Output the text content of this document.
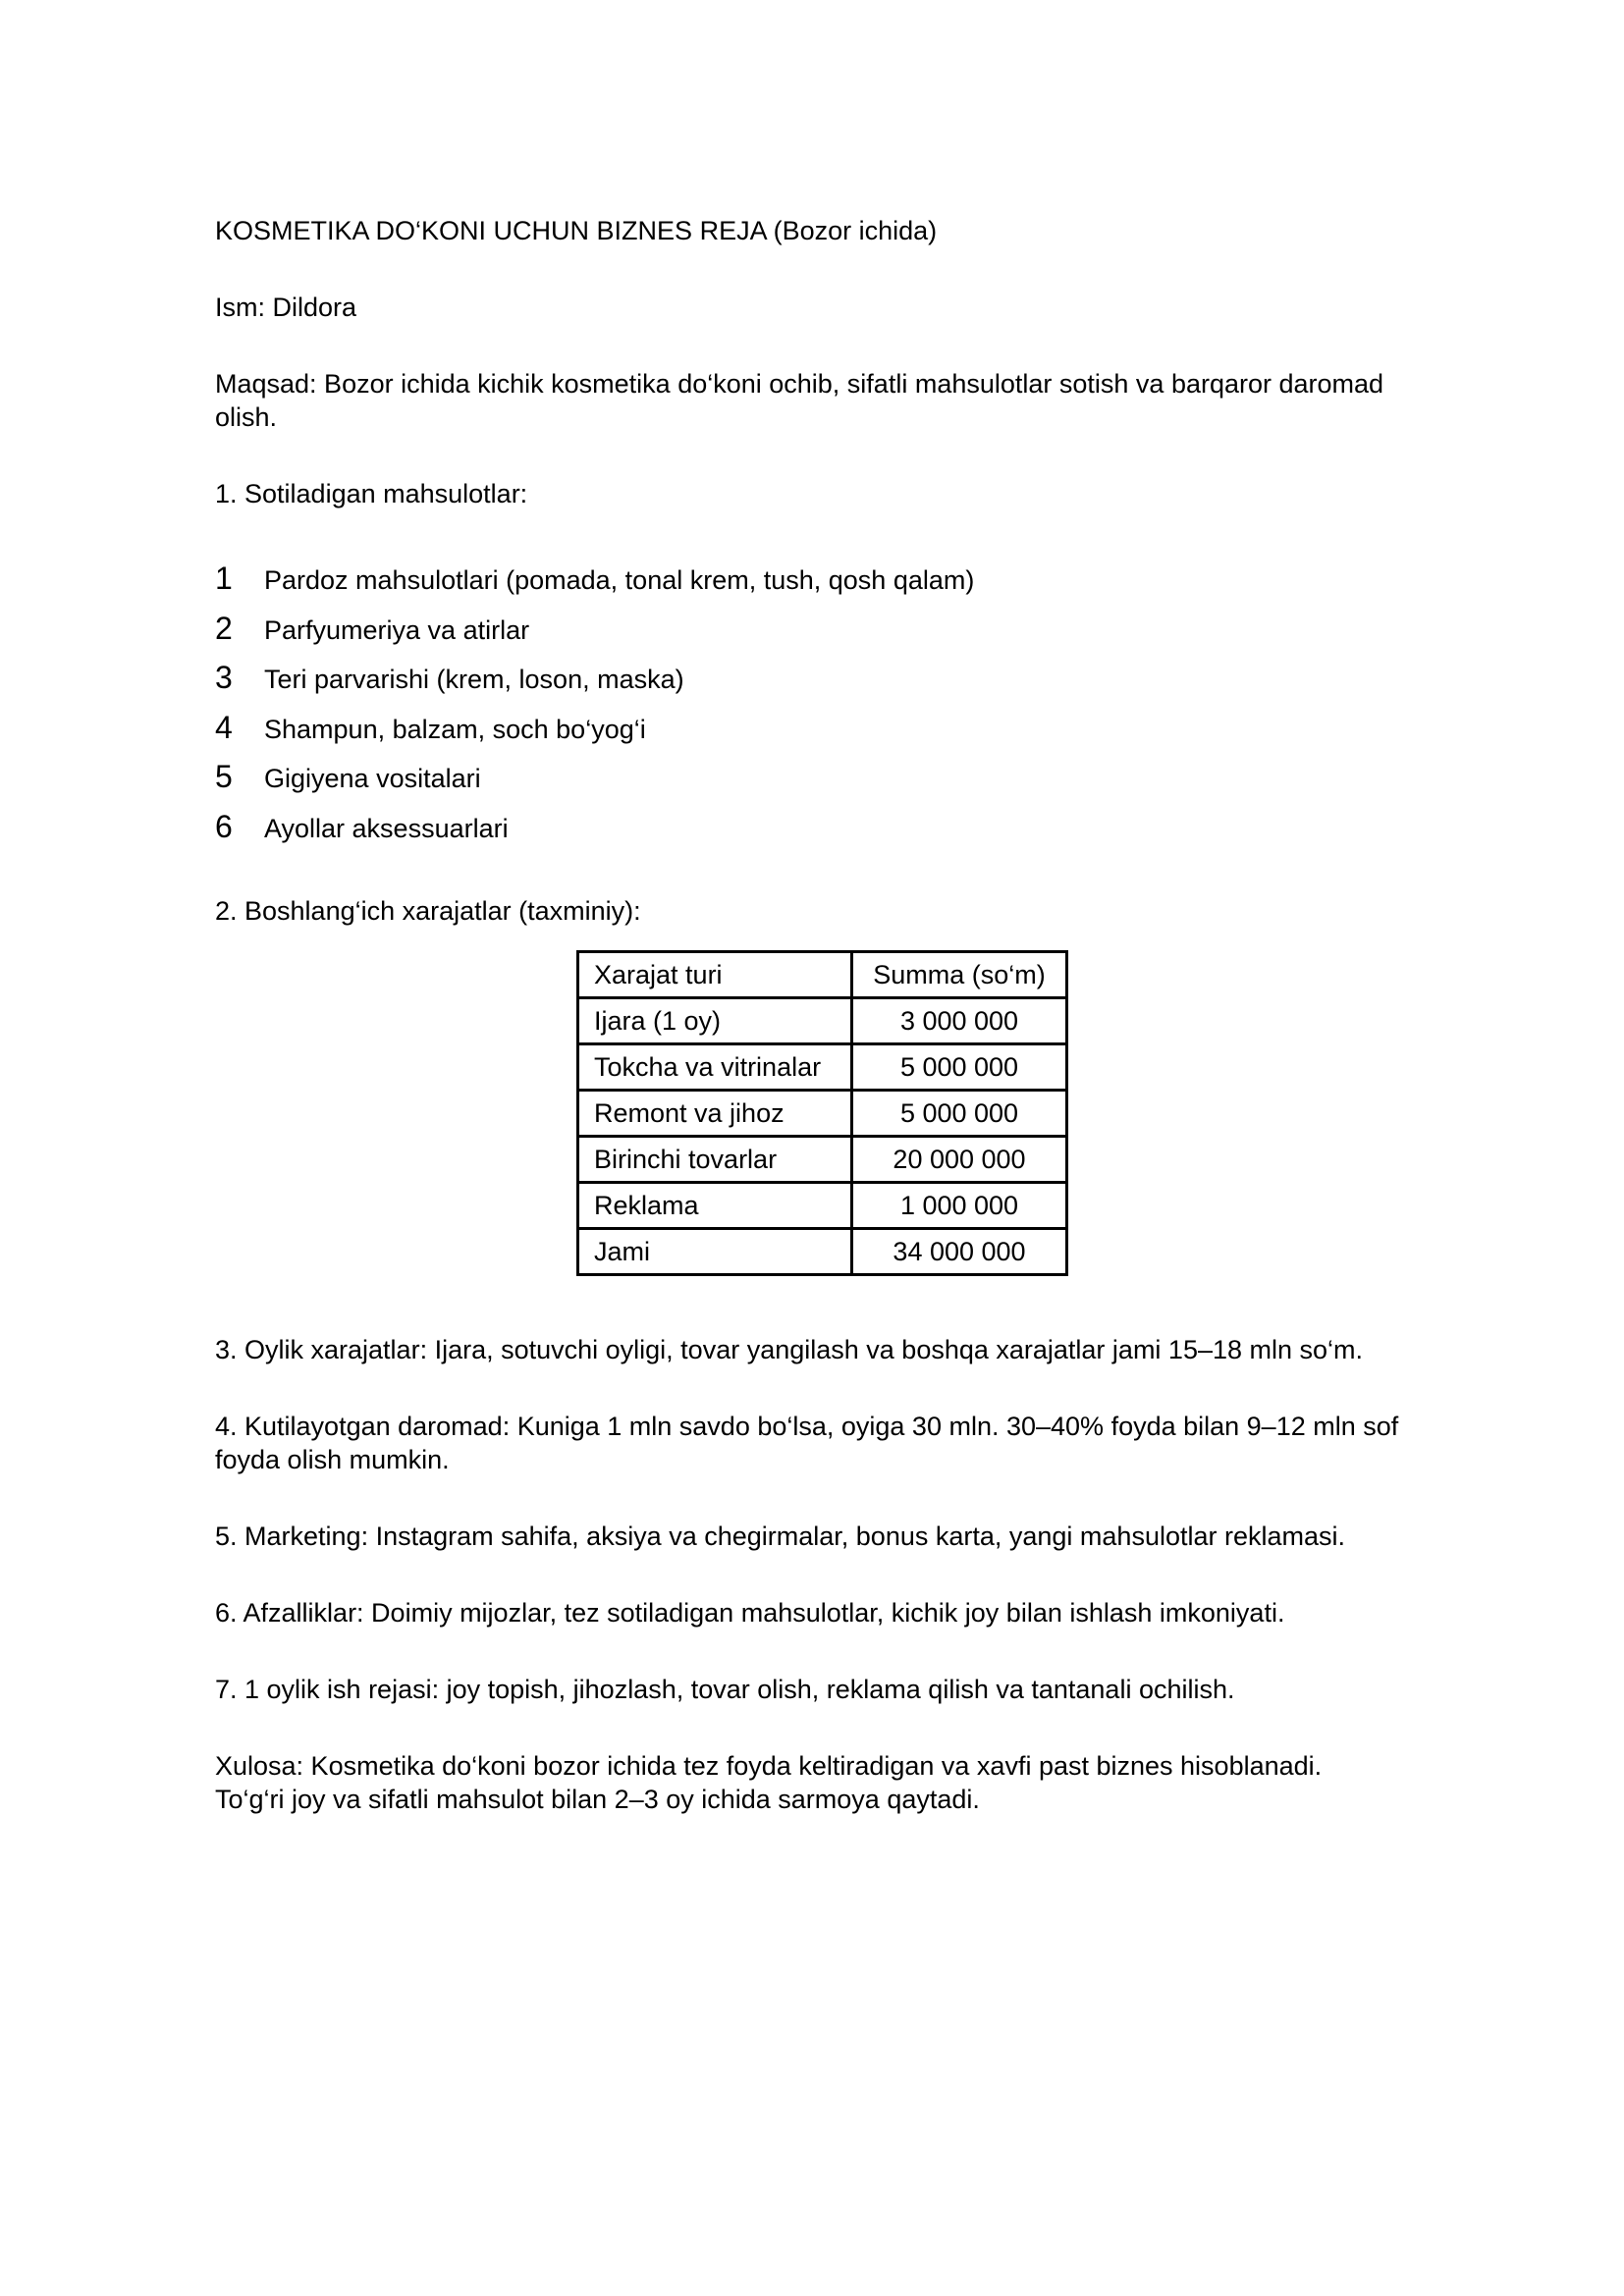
KOSMETIKA DO‘KONI UCHUN BIZNES REJA (Bozor ichida)

Ism: Dildora

Maqsad: Bozor ichida kichik kosmetika do‘koni ochib, sifatli mahsulotlar sotish va barqaror daromad olish.

1. Sotiladigan mahsulotlar:

1	Pardoz mahsulotlari (pomada, tonal krem, tush, qosh qalam)
2	Parfyumeriya va atirlar
3	Teri parvarishi (krem, loson, maska)
4	Shampun, balzam, soch bo‘yog‘i
5	Gigiyena vositalari
6	Ayollar aksessuarlari

2. Boshlang‘ich xarajatlar (taxminiy):

Xarajat turi	Summa (so‘m)
Ijara (1 oy)	3 000 000
Tokcha va vitrinalar	5 000 000
Remont va jihoz	5 000 000
Birinchi tovarlar	20 000 000
Reklama	1 000 000
Jami	34 000 000

3. Oylik xarajatlar: Ijara, sotuvchi oyligi, tovar yangilash va boshqa xarajatlar jami 15–18 mln so‘m.

4. Kutilayotgan daromad: Kuniga 1 mln savdo bo‘lsa, oyiga 30 mln. 30–40% foyda bilan 9–12 mln sof foyda olish mumkin.

5. Marketing: Instagram sahifa, aksiya va chegirmalar, bonus karta, yangi mahsulotlar reklamasi.

6. Afzalliklar: Doimiy mijozlar, tez sotiladigan mahsulotlar, kichik joy bilan ishlash imkoniyati.

7. 1 oylik ish rejasi: joy topish, jihozlash, tovar olish, reklama qilish va tantanali ochilish.

Xulosa: Kosmetika do‘koni bozor ichida tez foyda keltiradigan va xavfi past biznes hisoblanadi.

To‘g‘ri joy va sifatli mahsulot bilan 2–3 oy ichida sarmoya qaytadi.
